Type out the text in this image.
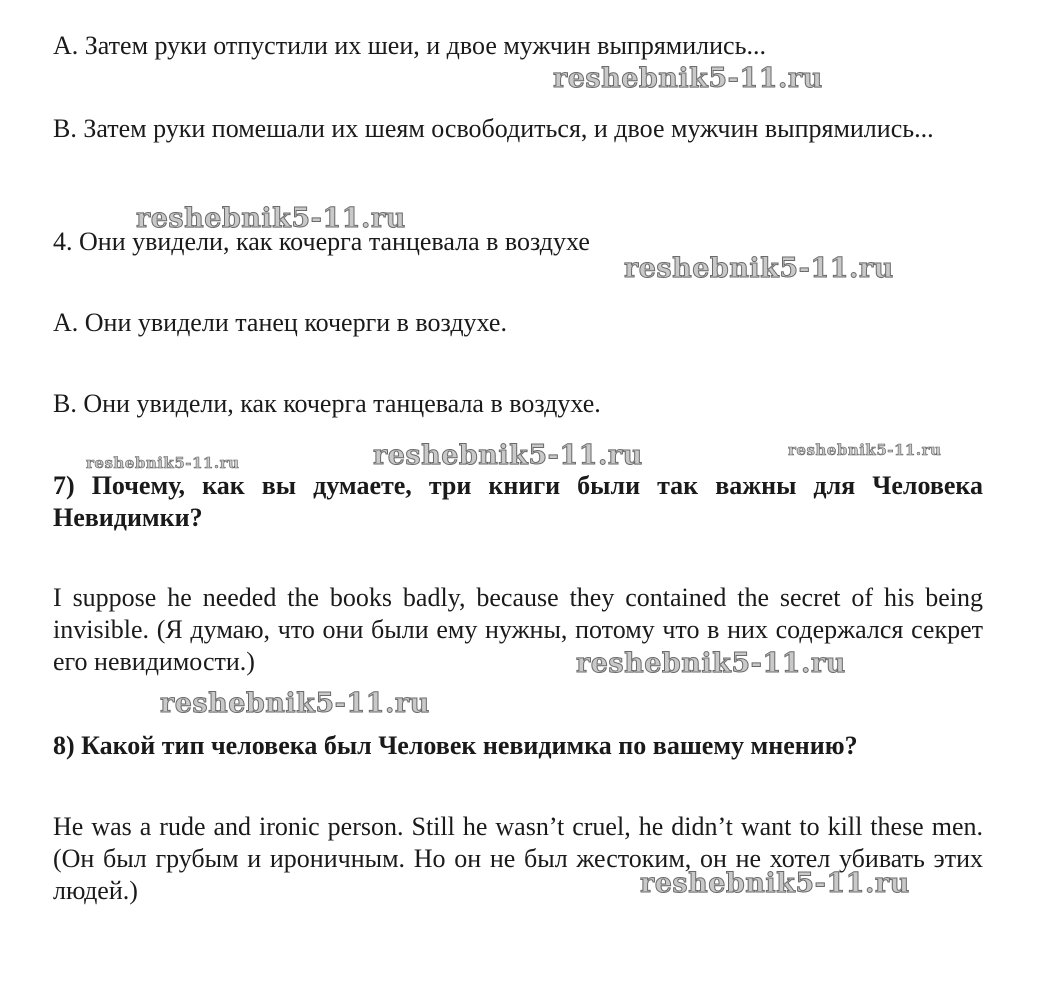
A. Затем руки отпустили их шеи, и двое мужчин выпрямились...
B. Затем руки помешали их шеям освободиться, и двое мужчин выпрямились...
4. Они увидели, как кочерга танцевала в воздухе
A. Они увидели танец кочерги в воздухе.
B. Они увидели, как кочерга танцевала в воздухе.
7) Почему, как вы думаете, три книги были так важны для Человека Невидимки?
I suppose he needed the books badly, because they contained the secret of his being invisible. (Я думаю, что они были ему нужны, потому что в них содержался секрет его невидимости.)
8) Какой тип человека был Человек невидимка по вашему мнению?
He was a rude and ironic person. Still he wasn’t cruel, he didn’t want to kill these men. (Он был грубым и ироничным. Но он не был жестоким, он не хотел убивать этих людей.)
reshebnik5-11.ru
reshebnik5-11.ru
reshebnik5-11.ru
reshebnik5-11.ru	reshebnik5-11.ru	reshebnik5-11.ru
reshebnik5-11.ru
reshebnik5-11.ru
reshebnik5-11.ru
